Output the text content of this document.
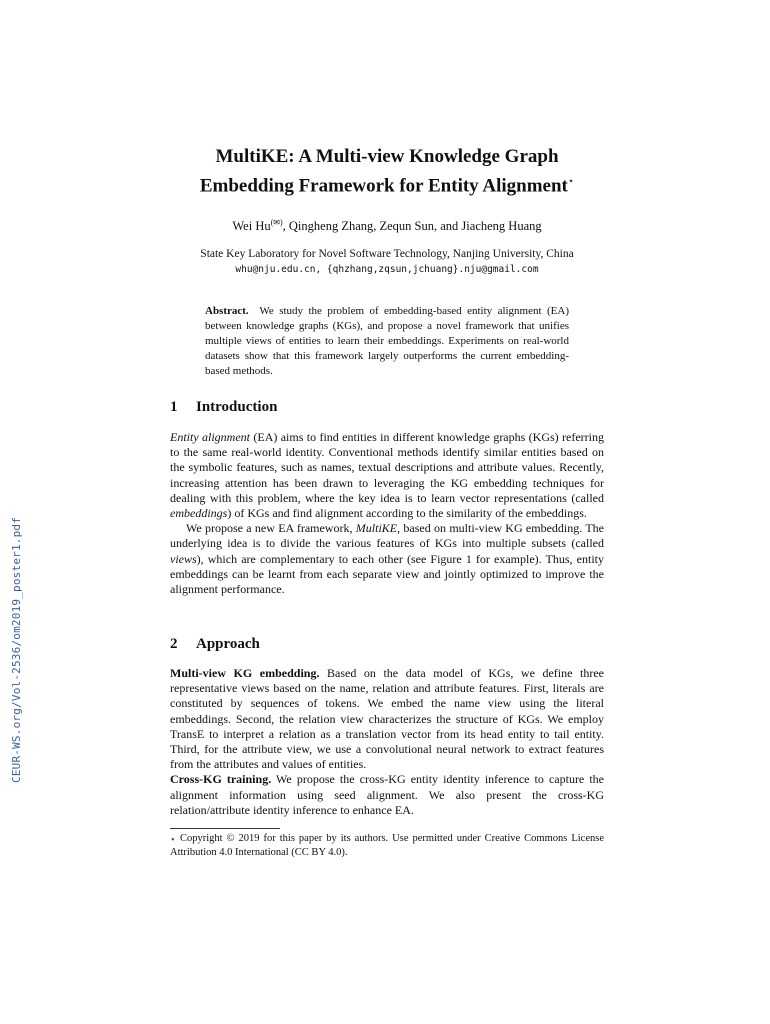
CEUR-WS.org/Vol-2536/om2019_poster1.pdf
MultiKE: A Multi-view Knowledge Graph
Embedding Framework for Entity Alignment⋆
Wei Hu(✉), Qingheng Zhang, Zequn Sun, and Jiacheng Huang
State Key Laboratory for Novel Software Technology, Nanjing University, China
whu@nju.edu.cn, {qhzhang,zqsun,jchuang}.nju@gmail.com
Abstract. We study the problem of embedding-based entity alignment (EA) between knowledge graphs (KGs), and propose a novel framework that unifies multiple views of entities to learn their embeddings. Experiments on real-world datasets show that this framework largely outperforms the current embedding-based methods.
1 Introduction

Entity alignment (EA) aims to find entities in different knowledge graphs (KGs) referring to the same real-world identity. Conventional methods identify similar entities based on the symbolic features, such as names, textual descriptions and attribute values. Recently, increasing attention has been drawn to leveraging the KG embedding techniques for dealing with this problem, where the key idea is to learn vector representations (called embeddings) of KGs and find alignment according to the similarity of the embeddings.

We propose a new EA framework, MultiKE, based on multi-view KG embedding. The underlying idea is to divide the various features of KGs into multiple subsets (called views), which are complementary to each other (see Figure 1 for example). Thus, entity embeddings can be learnt from each separate view and jointly optimized to improve the alignment performance.

2 Approach

Multi-view KG embedding. Based on the data model of KGs, we define three representative views based on the name, relation and attribute features. First, literals are constituted by sequences of tokens. We embed the name view using the literal embeddings. Second, the relation view characterizes the structure of KGs. We employ TransE to interpret a relation as a translation vector from its head entity to tail entity. Third, for the attribute view, we use a convolutional neural network to extract features from the attributes and values of entities.

Cross-KG training. We propose the cross-KG entity identity inference to capture the alignment information using seed alignment. We also present the cross-KG relation/attribute identity inference to enhance EA.

⋆ Copyright © 2019 for this paper by its authors. Use permitted under Creative Commons License Attribution 4.0 International (CC BY 4.0).
